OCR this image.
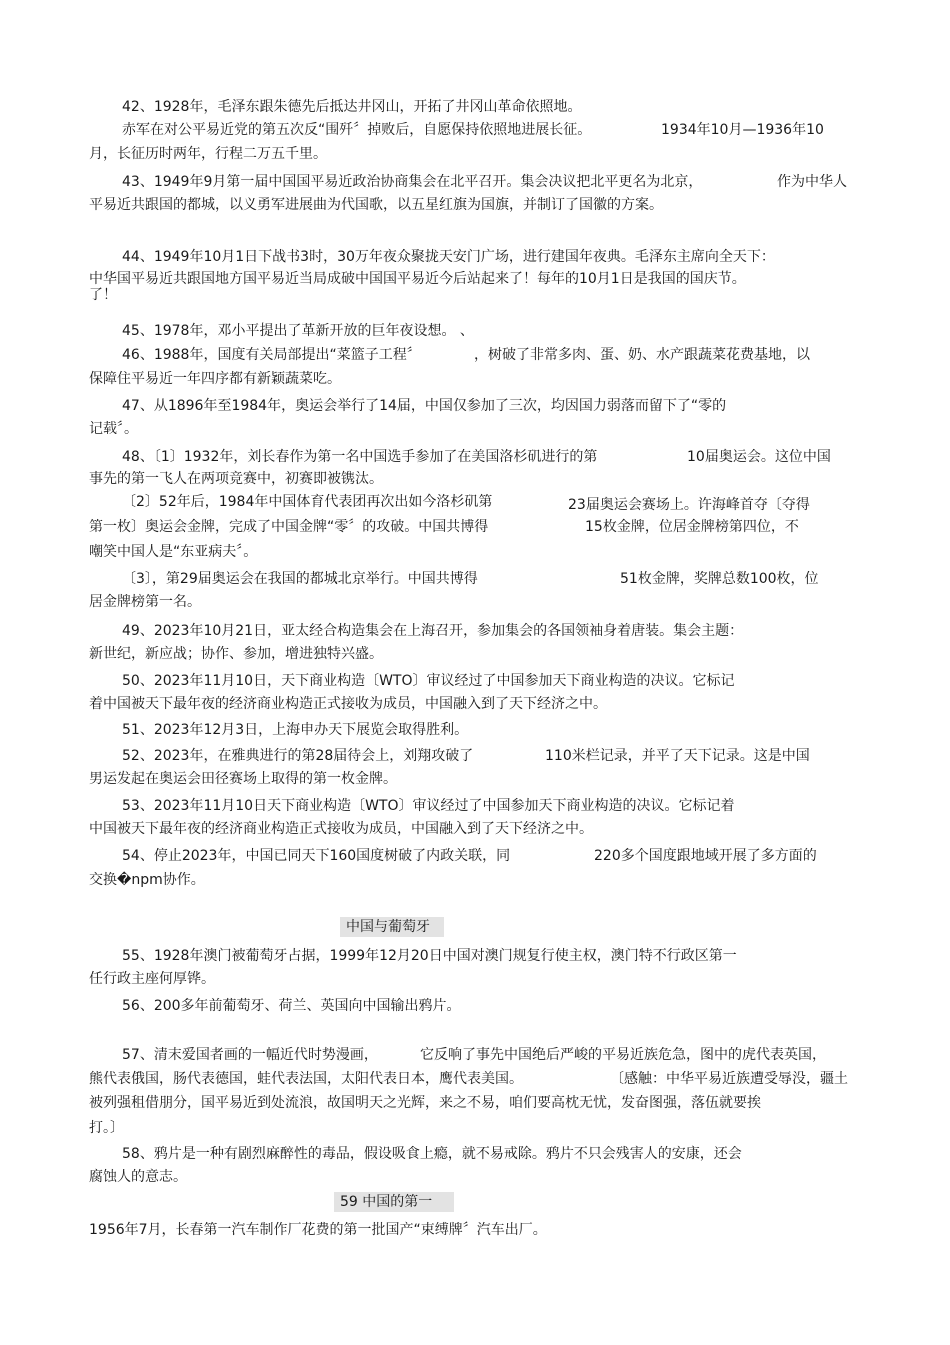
42、1928年，毛泽东跟朱德先后抵达井冈山，开拓了井冈山革命依照地。
赤军在对公平易近党的第五次反“围歼〞掉败后，自愿保持依照地进展长征。	1934年10月—1936年10
月，长征历时两年，行程二万五千里。
43、1949年9月第一届中国国平易近政治协商集会在北平召开。集会决议把北平更名为北京，	作为中华人
平易近共跟国的都城，以义勇军进展曲为代国歌，以五星红旗为国旗，并制订了国徽的方案。
44、1949年10月1日下战书3时，30万年夜众聚拢天安门广场，进行建国年夜典。毛泽东主席向全天下：
中华国平易近共跟国地方国平易近当局成破中国国平易近今后站起来了！每年的10月1日是我国的国庆节。
了！
45、1978年，邓小平提出了革新开放的巨年夜设想。 、
46、1988年，国度有关局部提出“菜篮子工程〞	，树破了非常多肉、蛋、奶、水产跟蔬菜花费基地，以
保障住平易近一年四序都有新颖蔬菜吃。
47、从1896年至1984年，奥运会举行了14届，中国仅参加了三次，均因国力弱落而留下了“零的
记载〞。
48、〔1〕1932年，刘长春作为第一名中国选手参加了在美国洛杉矶进行的第	10届奥运会。这位中国
事先的第一飞人在两项竞赛中，初赛即被镌汰。
〔2〕52年后，1984年中国体育代表团再次出如今洛杉矶第	23届奥运会赛场上。许海峰首夺〔夺得
第一枚〕奥运会金牌，完成了中国金牌“零〞的攻破。中国共博得	15枚金牌，位居金牌榜第四位，不
嘲笑中国人是“东亚病夫〞。
〔3〕，第29届奥运会在我国的都城北京举行。中国共博得	51枚金牌，奖牌总数100枚，位
居金牌榜第一名。
49、2023年10月21日，亚太经合构造集会在上海召开，参加集会的各国领袖身着唐装。集会主题：
新世纪，新应战；协作、参加，增进独特兴盛。
50、2023年11月10日，天下商业构造〔WTO〕审议经过了中国参加天下商业构造的决议。它标记
着中国被天下最年夜的经济商业构造正式接收为成员，中国融入到了天下经济之中。
51、2023年12月3日，上海申办天下展览会取得胜利。
52、2023年，在雅典进行的第28届待会上，刘翔攻破了	110米栏记录，并平了天下记录。这是中国
男运发起在奥运会田径赛场上取得的第一枚金牌。
53、2023年11月10日天下商业构造〔WTO〕审议经过了中国参加天下商业构造的决议。它标记着
中国被天下最年夜的经济商业构造正式接收为成员，中国融入到了天下经济之中。
54、停止2023年，中国已同天下160国度树破了内政关联，同	220多个国度跟地域开展了多方面的
交换�npm协作。
中国与葡萄牙
55、1928年澳门被葡萄牙占据，1999年12月20日中国对澳门规复行使主权，澳门特不行政区第一
任行政主座何厚铧。
56、200多年前葡萄牙、荷兰、英国向中国输出鸦片。
57、清末爱国者画的一幅近代时势漫画，	它反响了事先中国绝后严峻的平易近族危急，图中的虎代表英国，
熊代表俄国，肠代表德国，蛙代表法国，太阳代表日本，鹰代表美国。	〔感触：中华平易近族遭受辱没，疆土
被列强租借朋分，国平易近到处流浪，故国明天之光辉，来之不易，咱们要高枕无忧，发奋图强，落伍就要挨
打。〕
58、鸦片是一种有剧烈麻醉性的毒品，假设吸食上瘾，就不易戒除。鸦片不只会残害人的安康，还会
腐蚀人的意志。
59 中国的第一
1956年7月，长春第一汽车制作厂花费的第一批国产“束缚牌〞汽车出厂。
